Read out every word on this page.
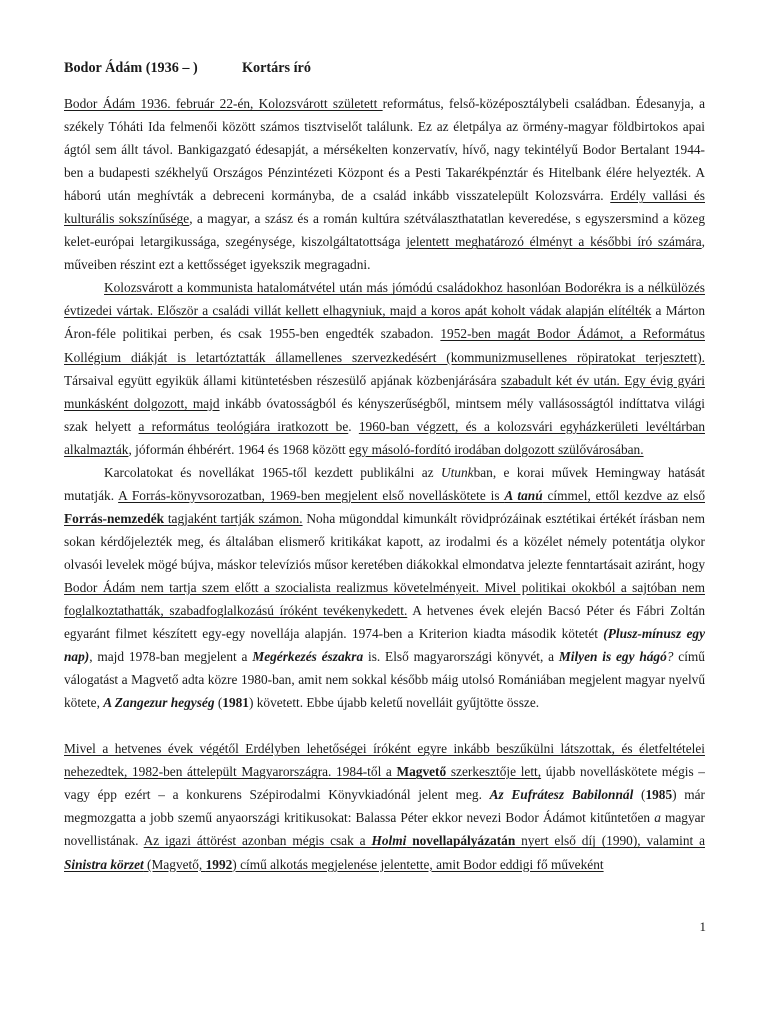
Bodor Ádám (1936 – )	Kortárs író

Bodor Ádám 1936. február 22-én, Kolozsvárott született református, felső-középosztálybeli családban. Édesanyja, a székely Tóháti Ida felmenői között számos tisztviselőt találunk. Ez az életpálya az örmény-magyar földbirtokos apai ágtól sem állt távol. Bankigazgató édesapját, a mérsékelten konzervatív, hívő, nagy tekintélyű Bodor Bertalant 1944-ben a budapesti székhelyű Országos Pénzintézeti Központ és a Pesti Takarékpénztár és Hitelbank élére helyezték. A háború után meghívták a debreceni kormányba, de a család inkább visszatelepült Kolozsvárra. Erdély vallási és kulturális sokszínűsége, a magyar, a szász és a román kultúra szétválaszthatatlan keveredése, s egyszersmind a közeg kelet-európai letargikussága, szegénysége, kiszolgáltatottsága jelentett meghatározó élményt a későbbi író számára, műveiben részint ezt a kettősséget igyekszik megragadni.

Kolozsvárott a kommunista hatalomátvétel után más jómódú családokhoz hasonlóan Bodorékra is a nélkülözés évtizedei vártak. Először a családi villát kellett elhagyniuk, majd a koros apát koholt vádak alapján elítélték a Márton Áron-féle politikai perben, és csak 1955-ben engedték szabadon. 1952-ben magát Bodor Ádámot, a Református Kollégium diákját is letartóztatták államellenes szervezkedésért (kommunizmusellenes röpiratokat terjesztett). Társaival együtt egyikük állami kitüntetésben részesülő apjának közbenjárására szabadult két év után. Egy évig gyári munkásként dolgozott, majd inkább óvatosságból és kényszerűségből, mintsem mély vallásosságtól indíttatva világi szak helyett a református teológiára iratkozott be. 1960-ban végzett, és a kolozsvári egyházkerületi levéltárban alkalmazták, jóformán éhbérért. 1964 és 1968 között egy másoló-fordító irodában dolgozott szülővárosában.

Karcolatokat és novellákat 1965-től kezdett publikálni az Utunkban, e korai művek Hemingway hatását mutatják. A Forrás-könyvsorozatban, 1969-ben megjelent első novelláskötete is A tanú címmel, ettől kezdve az első Forrás-nemzedék tagjaként tartják számon. Noha mügonddal kimunkált rövidprózáinak esztétikai értékét írásban nem sokan kérdőjelezték meg, és általában elismerő kritikákat kapott, az irodalmi és a közélet némely potentátja olykor olvasói levelek mögé bújva, máskor televíziós műsor keretében diákokkal elmondatva jelezte fenntartásait aziránt, hogy Bodor Ádám nem tartja szem előtt a szocialista realizmus követelményeit. Mivel politikai okokból a sajtóban nem foglalkoztathatták, szabadfoglalkozású íróként tevékenykedett. A hetvenes évek elején Bacsó Péter és Fábri Zoltán egyaránt filmet készített egy-egy novellája alapján. 1974-ben a Kriterion kiadta második kötetét (Plusz-mínusz egy nap), majd 1978-ban megjelent a Megérkezés északra is. Első magyarországi könyvét, a Milyen is egy hágó? című válogatást a Magvető adta közre 1980-ban, amit nem sokkal később máig utolsó Romániában megjelent magyar nyelvű kötete, A Zangezur hegység (1981) követett. Ebbe újabb keletű novelláit gyűjtötte össze.

Mivel a hetvenes évek végétől Erdélyben lehetőségei íróként egyre inkább beszűkülni látszottak, és életfeltételei nehezedtek, 1982-ben áttelepült Magyarországra. 1984-től a Magvető szerkesztője lett, újabb novelláskötete mégis – vagy épp ezért – a konkurens Szépirodalmi Könyvkiadónál jelent meg. Az Eufrátesz Babilonnál (1985) már megmozgatta a jobb szemű anyaországi kritikusokat: Balassa Péter ekkor nevezi Bodor Ádámot kitűntetően a magyar novellistának. Az igazi áttörést azonban mégis csak a Holmi novellapályázatán nyert első díj (1990), valamint a Sinistra körzet (Magvető, 1992) című alkotás megjelenése jelentette, amit Bodor eddigi fő műveként

1
